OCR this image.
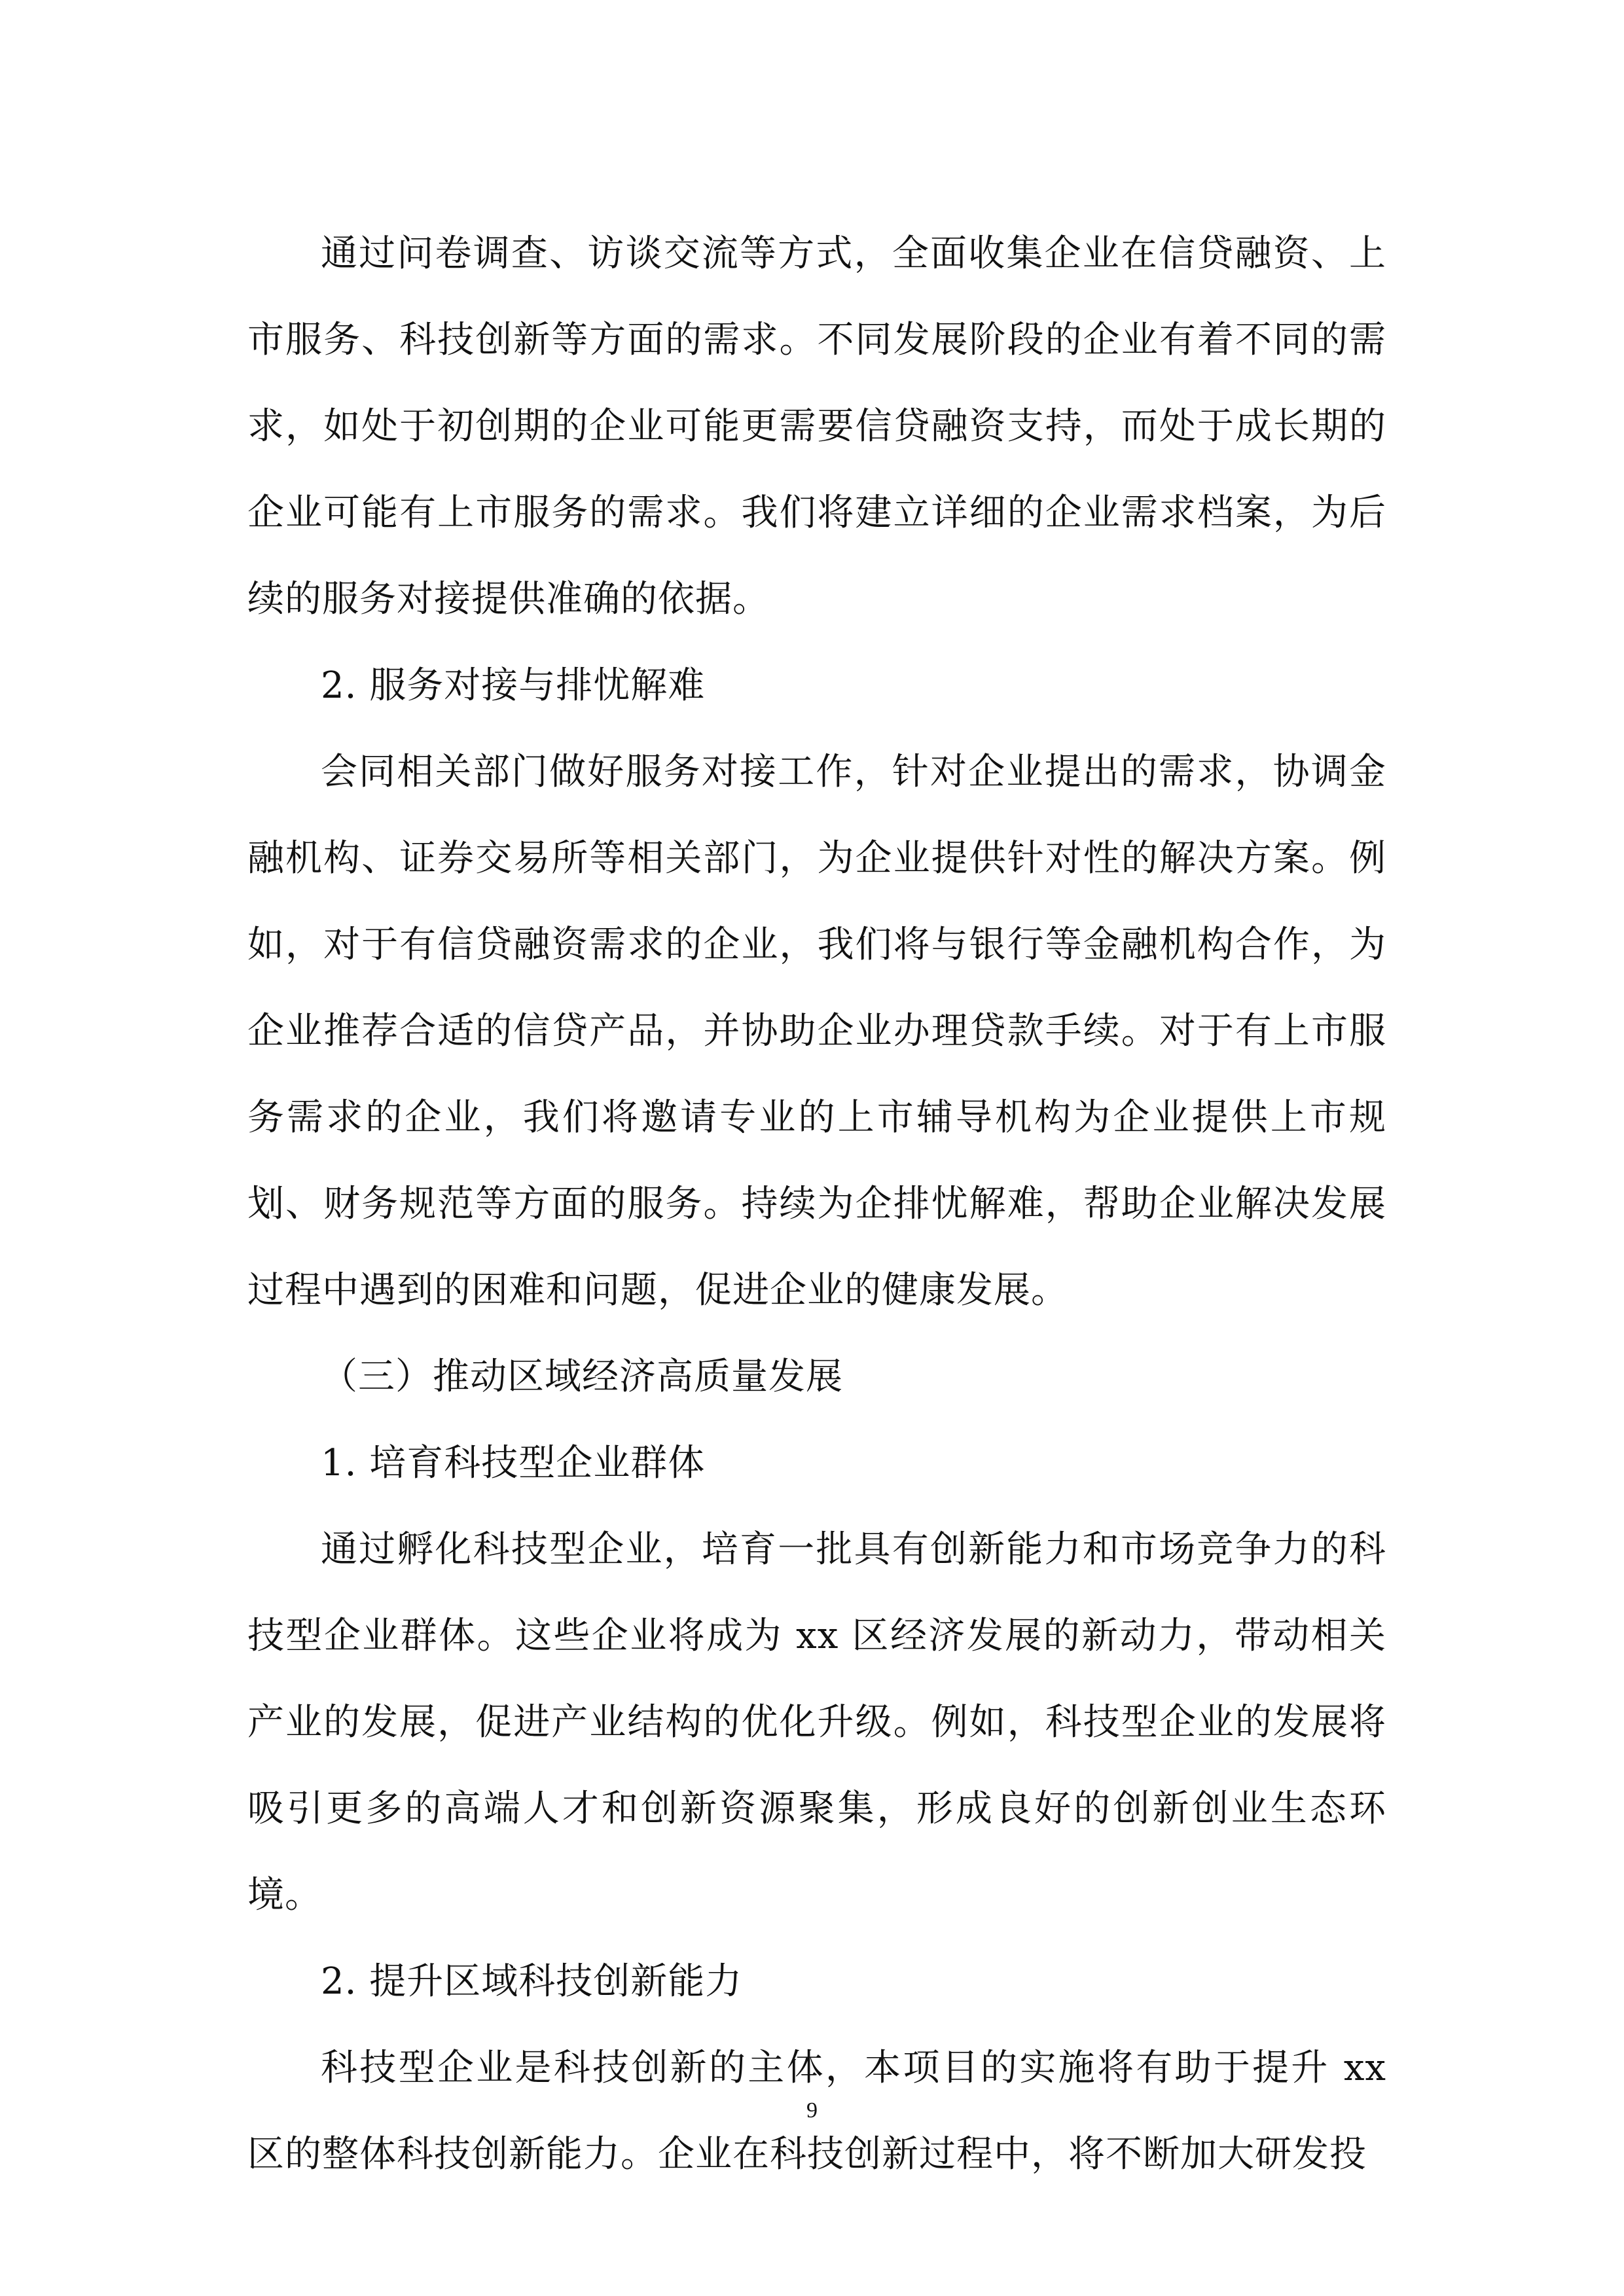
通过问卷调查、访谈交流等方式，全面收集企业在信贷融资、上市服务、科技创新等方面的需求。不同发展阶段的企业有着不同的需求，如处于初创期的企业可能更需要信贷融资支持，而处于成长期的企业可能有上市服务的需求。我们将建立详细的企业需求档案，为后续的服务对接提供准确的依据。

2. 服务对接与排忧解难

会同相关部门做好服务对接工作，针对企业提出的需求，协调金融机构、证券交易所等相关部门，为企业提供针对性的解决方案。例如，对于有信贷融资需求的企业，我们将与银行等金融机构合作，为企业推荐合适的信贷产品，并协助企业办理贷款手续。对于有上市服务需求的企业，我们将邀请专业的上市辅导机构为企业提供上市规划、财务规范等方面的服务。持续为企排忧解难，帮助企业解决发展过程中遇到的困难和问题，促进企业的健康发展。

（三）推动区域经济高质量发展

1. 培育科技型企业群体

通过孵化科技型企业，培育一批具有创新能力和市场竞争力的科技型企业群体。这些企业将成为 xx 区经济发展的新动力，带动相关产业的发展，促进产业结构的优化升级。例如，科技型企业的发展将吸引更多的高端人才和创新资源聚集，形成良好的创新创业生态环境。

2. 提升区域科技创新能力

科技型企业是科技创新的主体，本项目的实施将有助于提升 xx 区的整体科技创新能力。企业在科技创新过程中，将不断加大研发投

9
